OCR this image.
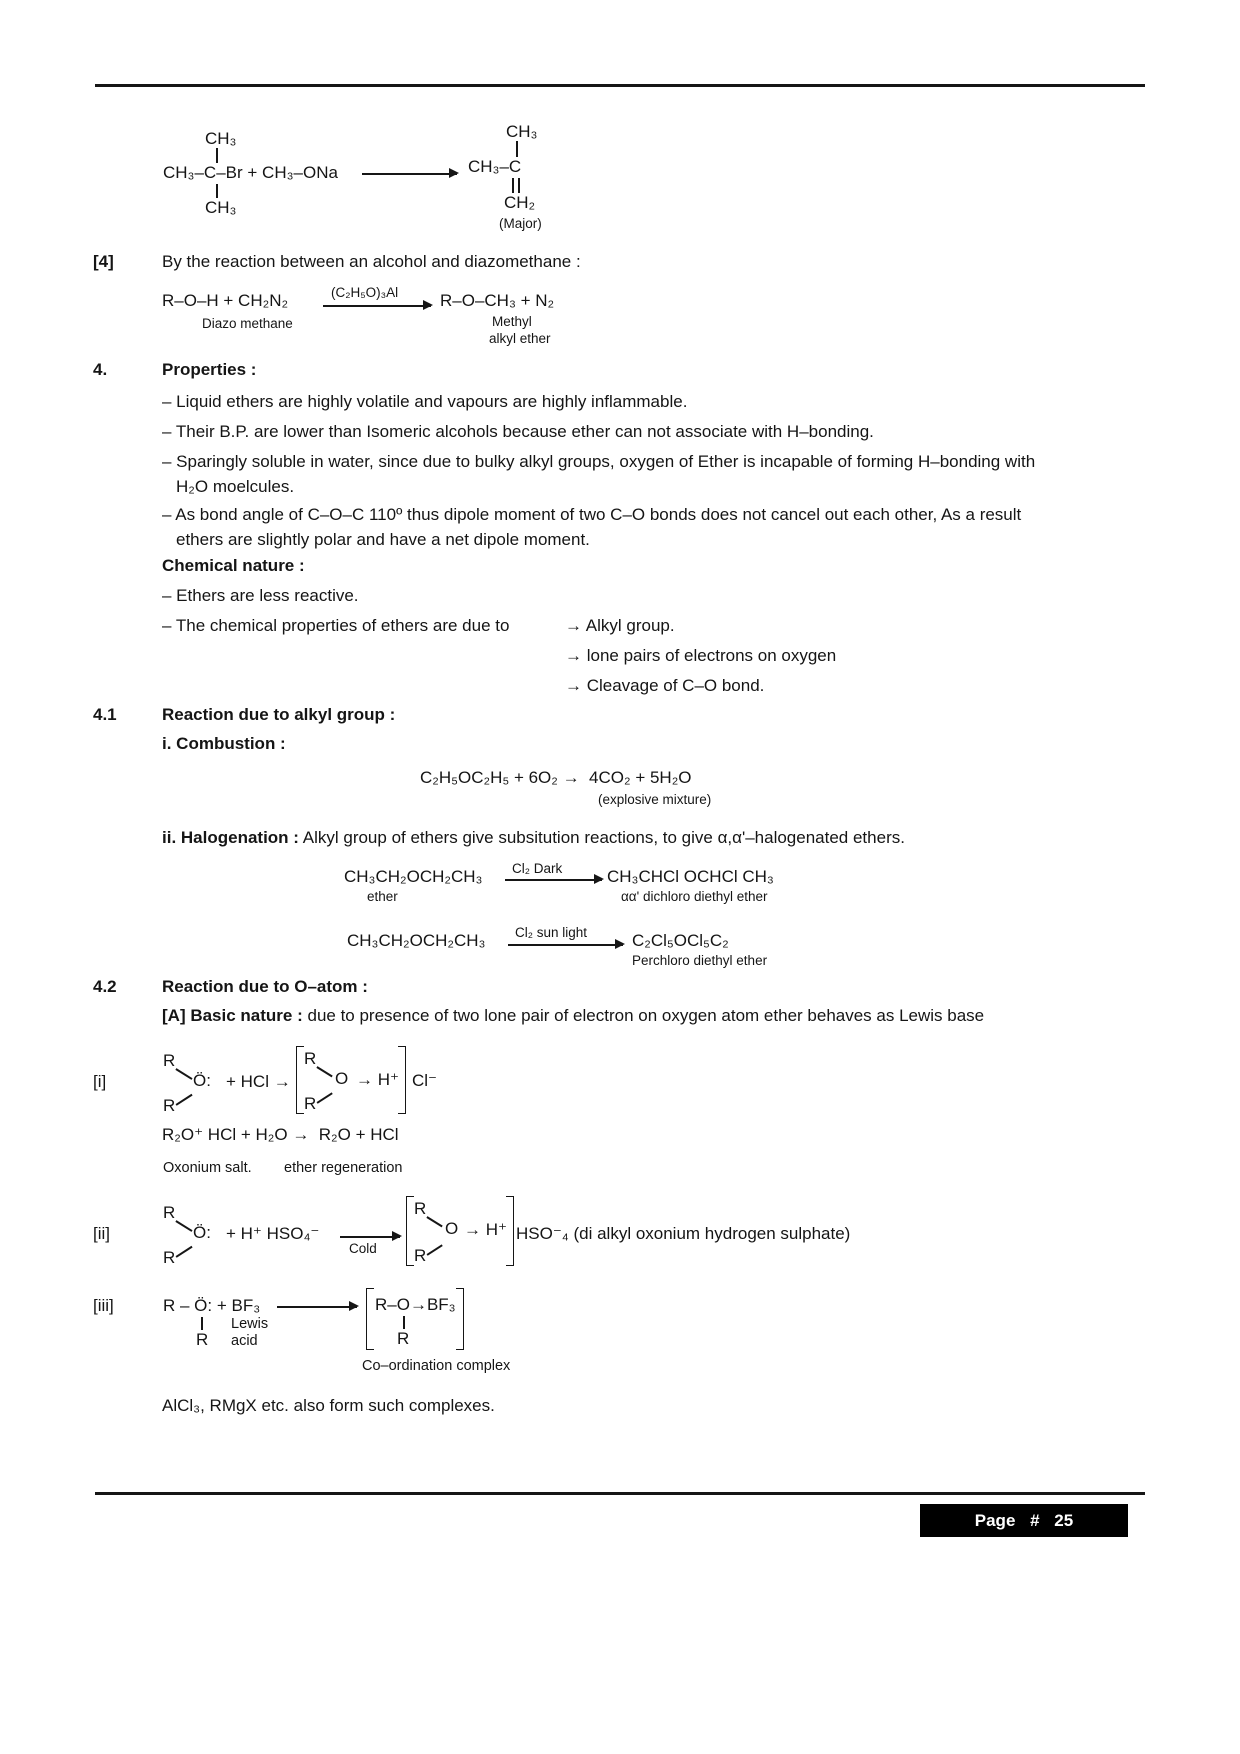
CH₃
CH₃–C–Br + CH₃–ONa
CH₃
CH₃
CH₃–C
CH₂
(Major)
[4]	By the reaction between an alcohol and diazomethane :
R–O–H + CH₂N₂	(C₂H₅O)₃Al R–O–CH₃ + N₂
Diazo methane	Methyl
alkyl ether
4.	Properties :
– Liquid ethers are highly volatile and vapours are highly inflammable.
– Their B.P. are lower than Isomeric alcohols because ether can not associate with H–bonding.
– Sparingly soluble in water, since due to bulky alkyl groups, oxygen of Ether is incapable of forming H–bonding with H₂O moelcules.
– As bond angle of C–O–C 110º thus dipole moment of two C–O bonds does not cancel out each other, As a result ethers are slightly polar and have a net dipole moment.
Chemical nature :
– Ethers are less reactive.
– The chemical properties of ethers are due to	→ Alkyl group.
→ lone pairs of electrons on oxygen
→ Cleavage of C–O bond.
4.1	Reaction due to alkyl group :
i. Combustion :
C₂H₅OC₂H₅ + 6O₂ →  4CO₂ + 5H₂O
(explosive mixture)
ii. Halogenation : Alkyl group of ethers give subsitution reactions, to give α,α'–halogenated ethers.
CH₃CH₂OCH₂CH₃
ether
Cl₂ Dark	CH₃CHCl OCHCl CH₃
αα' dichloro diethyl ether
CH₃CH₂OCH₂CH₃ Cl₂ sun light	C₂Cl₅OCl₅C₂
Perchloro diethyl ether
4.2	Reaction due to O–atom :
[A] Basic nature : due to presence of two lone pair of electron on oxygen atom ether behaves as Lewis base
[i]
R
R
Ö: + HCl →
R
R
O → H⁺ Cl⁻
R₂O⁺ HCl + H₂O →  R₂O + HCl
Oxonium salt. ether regeneration
[ii]
R
R
Ö: + H⁺ HSO₄⁻
Cold
R
R
O → H⁺ HSO⁻₄ (di alkyl oxonium hydrogen sulphate)
[iii]	R – Ö: + BF₃
R
Lewis
acid
R–O→BF₃
R
Co–ordination complex
AlCl₃, RMgX etc. also form such complexes.
Page # 25
